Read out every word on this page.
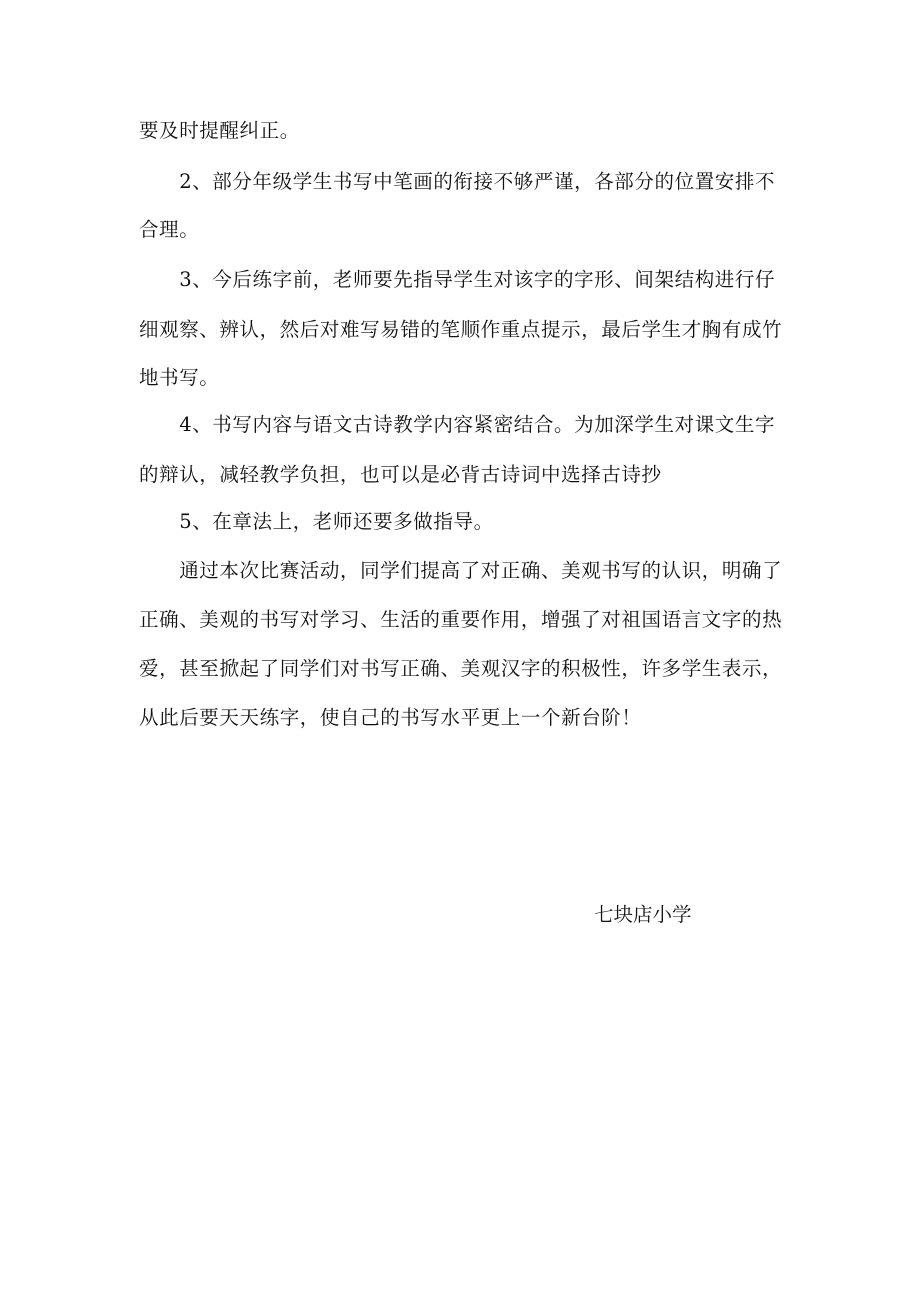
要及时提醒纠正。
　　2、部分年级学生书写中笔画的衔接不够严谨，各部分的位置安排不
合理。
　　3、今后练字前，老师要先指导学生对该字的字形、间架结构进行仔
细观察、辨认，然后对难写易错的笔顺作重点提示，最后学生才胸有成竹
地书写。
　　4、书写内容与语文古诗教学内容紧密结合。为加深学生对课文生字
的辩认，减轻教学负担，也可以是必背古诗词中选择古诗抄
　　5、在章法上，老师还要多做指导。
　　通过本次比赛活动，同学们提高了对正确、美观书写的认识，明确了
正确、美观的书写对学习、生活的重要作用，增强了对祖国语言文字的热
爱，甚至掀起了同学们对书写正确、美观汉字的积极性，许多学生表示，
从此后要天天练字，使自己的书写水平更上一个新台阶！
七块店小学
